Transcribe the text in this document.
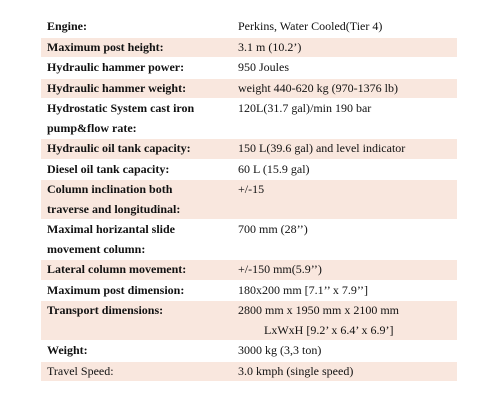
Engine:	Perkins, Water Cooled(Tier 4)
Maximum post height:	3.1 m (10.2’)
Hydraulic hammer power:	950 Joules
Hydraulic hammer weight:	weight 440-620 kg (970-1376 lb)
Hydrostatic System cast iron
pump&flow rate:	120L(31.7 gal)/min 190 bar
Hydraulic oil tank capacity:	150 L(39.6 gal) and level indicator
Diesel oil tank capacity:	60 L (15.9 gal)
Column inclination both
traverse and longitudinal:	+/-15
Maximal horizantal slide
movement column:	700 mm (28’’)
Lateral column movement:	+/-150 mm(5.9’’)
Maximum post dimension:	180x200 mm [7.1’’ x 7.9’’]
Transport dimensions:	2800 mm x 1950 mm x 2100 mm
LxWxH [9.2’ x 6.4’ x 6.9’]
Weight:	3000 kg (3,3 ton)
Travel Speed:	3.0 kmph (single speed)
